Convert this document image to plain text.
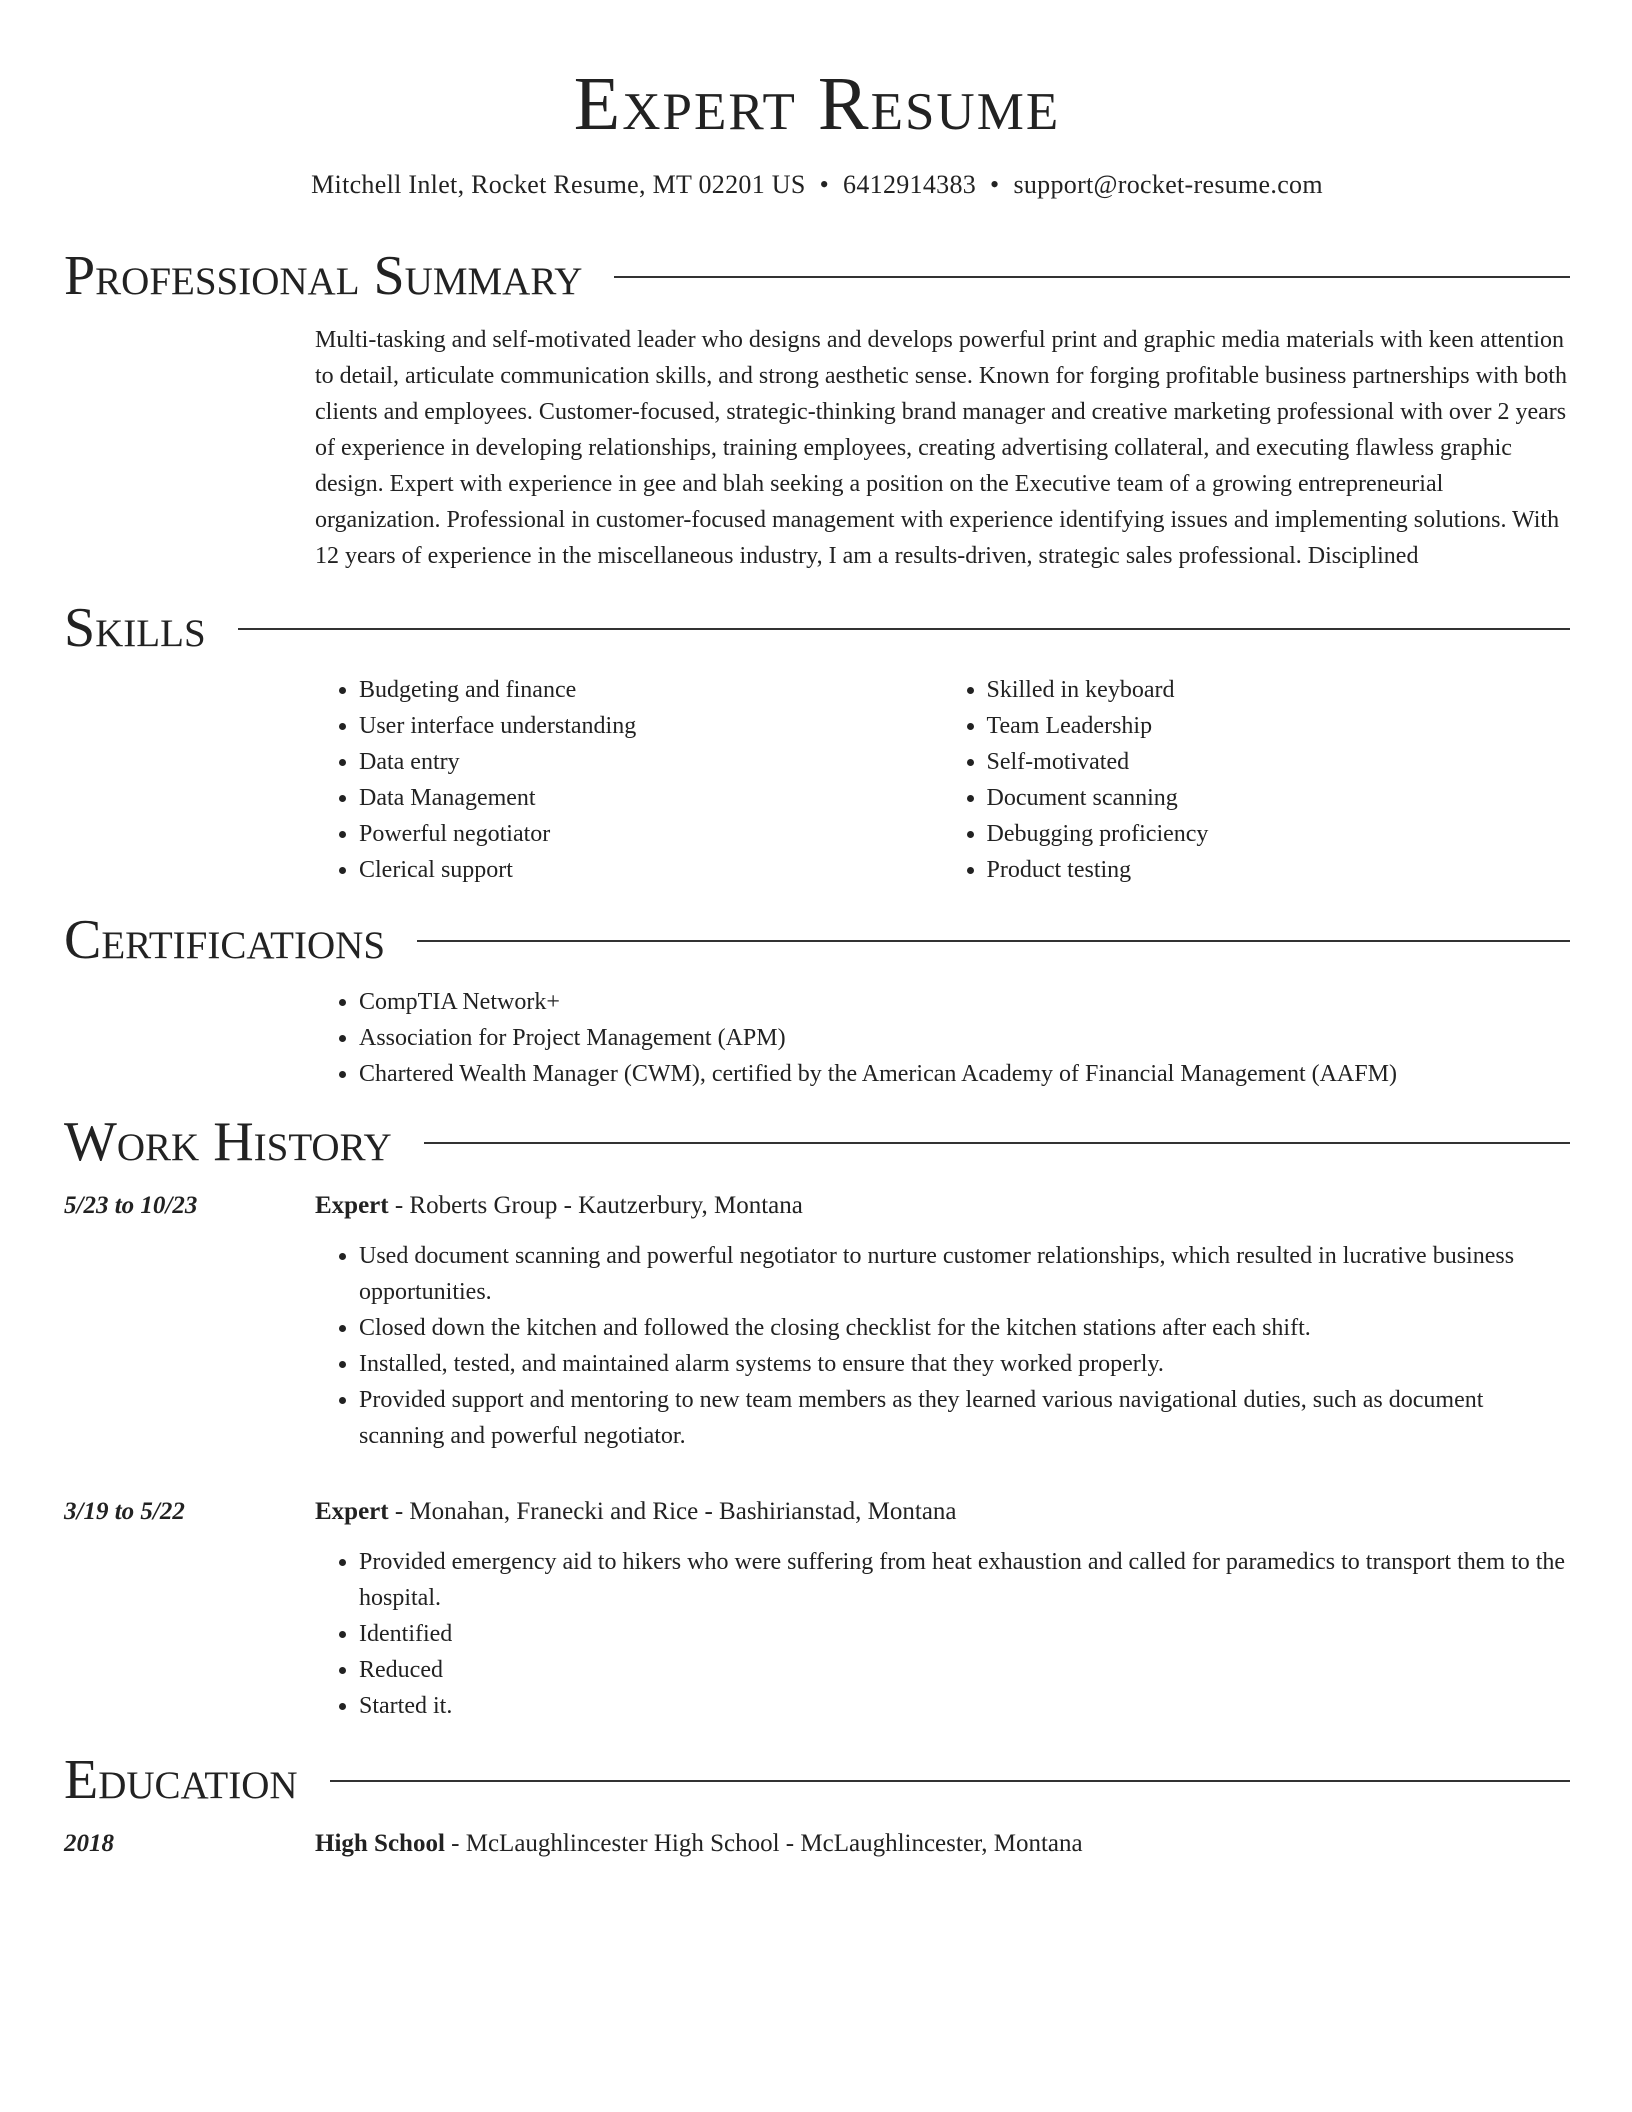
Expert Resume
Mitchell Inlet, Rocket Resume, MT 02201 US • 6412914383 • support@rocket-resume.com
Professional Summary
Multi-tasking and self-motivated leader who designs and develops powerful print and graphic media materials with keen attention to detail, articulate communication skills, and strong aesthetic sense. Known for forging profitable business partnerships with both clients and employees. Customer-focused, strategic-thinking brand manager and creative marketing professional with over 2 years of experience in developing relationships, training employees, creating advertising collateral, and executing flawless graphic design. Expert with experience in gee and blah seeking a position on the Executive team of a growing entrepreneurial organization. Professional in customer-focused management with experience identifying issues and implementing solutions. With 12 years of experience in the miscellaneous industry, I am a results-driven, strategic sales professional. Disciplined
Skills
• Budgeting and finance
• User interface understanding
• Data entry
• Data Management
• Powerful negotiator
• Clerical support
• Skilled in keyboard
• Team Leadership
• Self-motivated
• Document scanning
• Debugging proficiency
• Product testing
Certifications
• CompTIA Network+
• Association for Project Management (APM)
• Chartered Wealth Manager (CWM), certified by the American Academy of Financial Management (AAFM)
Work History
5/23 to 10/23	Expert - Roberts Group - Kautzerbury, Montana
• Used document scanning and powerful negotiator to nurture customer relationships, which resulted in lucrative business opportunities.
• Closed down the kitchen and followed the closing checklist for the kitchen stations after each shift.
• Installed, tested, and maintained alarm systems to ensure that they worked properly.
• Provided support and mentoring to new team members as they learned various navigational duties, such as document scanning and powerful negotiator.
3/19 to 5/22	Expert - Monahan, Franecki and Rice - Bashirianstad, Montana
• Provided emergency aid to hikers who were suffering from heat exhaustion and called for paramedics to transport them to the hospital.
• Identified
• Reduced
• Started it.
Education
2018	High School - McLaughlincester High School - McLaughlincester, Montana
